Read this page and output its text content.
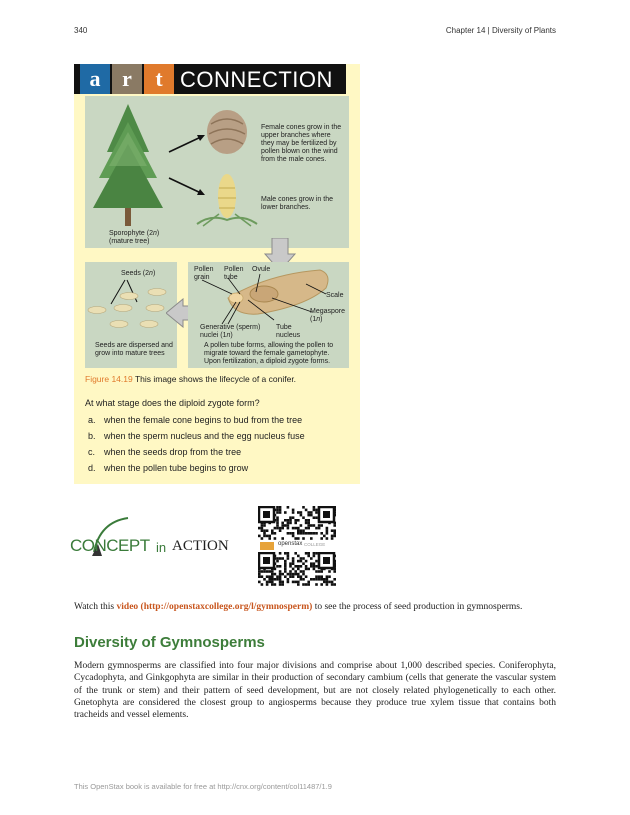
340	Chapter 14 | Diversity of Plants
a r	t CONNECTION
Female cones grow in the upper branches where they may be fertilized by pollen blown on the wind from the male cones.
Male cones grow in the lower branches.
Sporophyte (2n)
(mature tree)
Seeds (2n)
Seeds are dispersed and grow into mature trees
Pollen grain
Pollen tube
Ovule
Scale
Megaspore
(1n)
Generative (sperm)
nuclei (1n)
Tube nucleus
A pollen tube forms, allowing the pollen to migrate toward the female gametophyte. Upon fertilization, a diploid zygote forms.
Figure 14.19 This image shows the lifecycle of a conifer.
At what stage does the diploid zygote form?
a. when the female cone begins to bud from the tree
b. when the sperm nucleus and the egg nucleus fuse
c. when the seeds drop from the tree
d. when the pollen tube begins to grow
CONCEPT in ACTION	openstax COLLEGE
Watch this video (http://openstaxcollege.org/l/gymnosperm) to see the process of seed production in gymnosperms.
Diversity of Gymnosperms
Modern gymnosperms are classified into four major divisions and comprise about 1,000 described species. Coniferophyta, Cycadophyta, and Ginkgophyta are similar in their production of secondary cambium (cells that generate the vascular system of the trunk or stem) and their pattern of seed development, but are not closely related phylogenetically to each other. Gnetophyta are considered the closest group to angiosperms because they produce true xylem tissue that contains both tracheids and vessel elements.
This OpenStax book is available for free at http://cnx.org/content/col11487/1.9
